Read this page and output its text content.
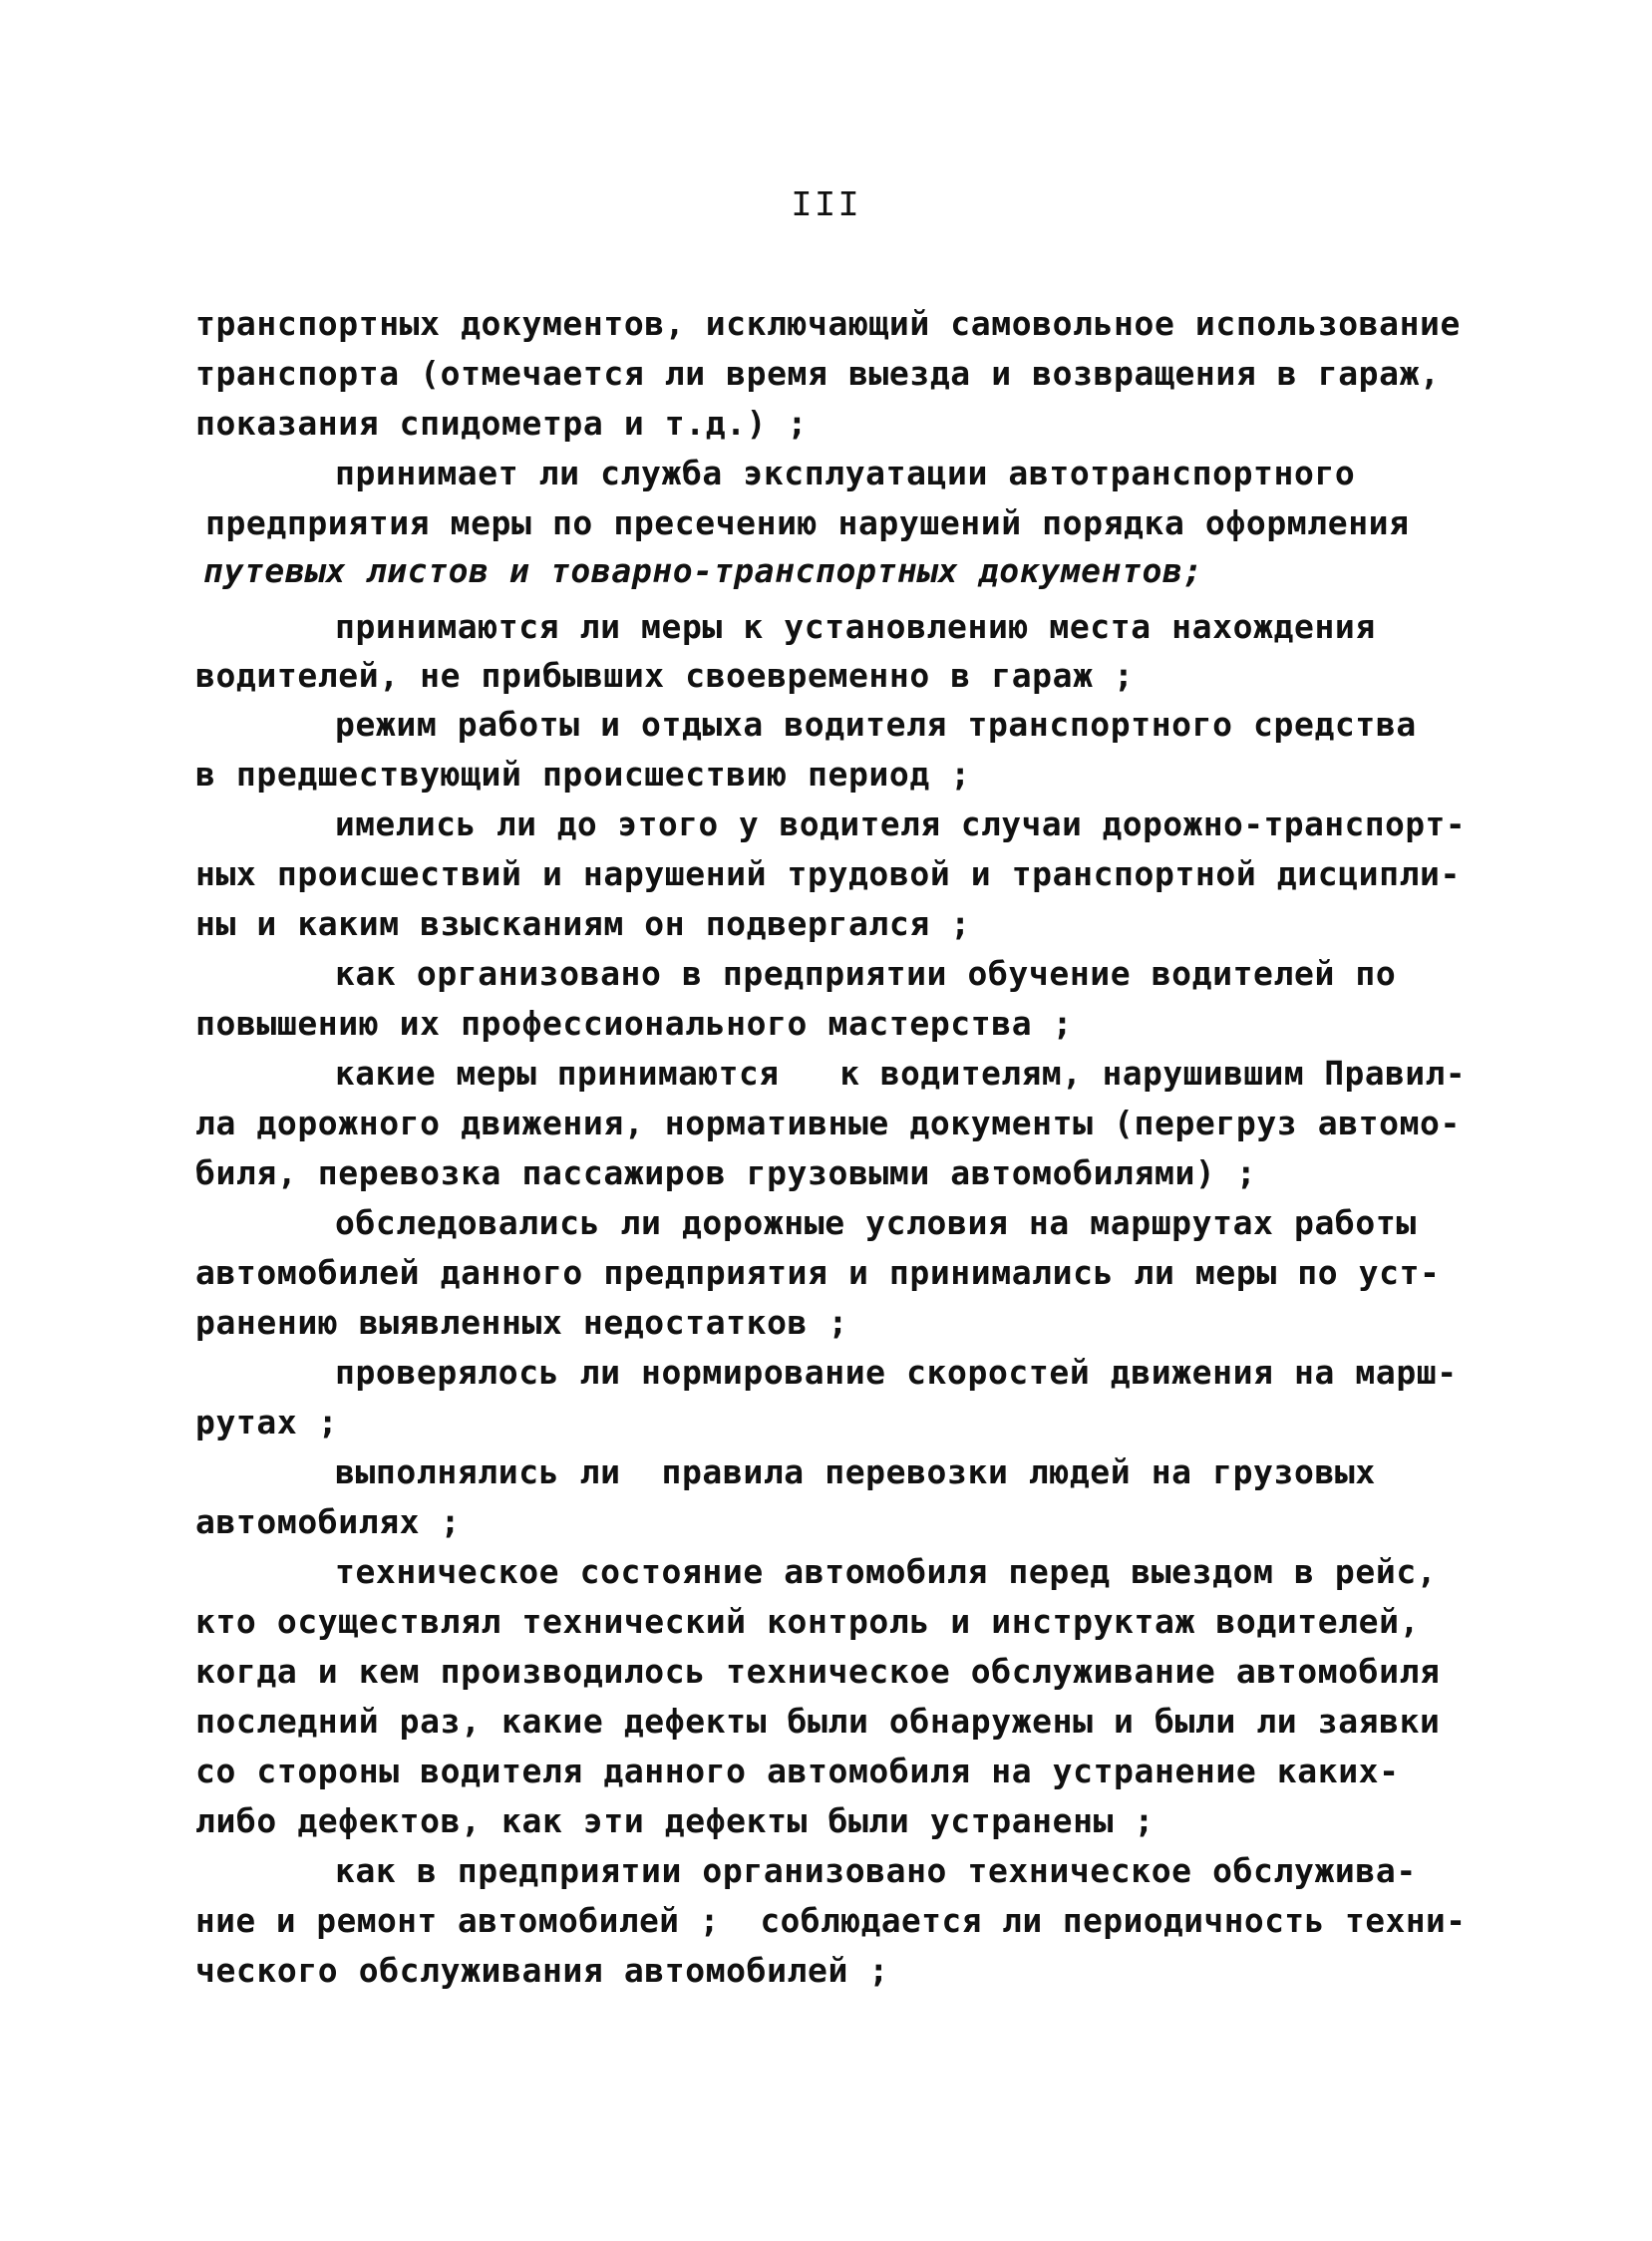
III
транспортных документов, исключающий самовольное использование
транспорта (отмечается ли время выезда и возвращения в гараж,
показания спидометра и т.д.) ;
принимает ли служба эксплуатации автотранспортного
предприятия меры по пресечению нарушений порядка оформления
путевых листов и товарно-транспортных документов;
принимаются ли меры к установлению места нахождения
водителей, не прибывших своевременно в гараж ;
режим работы и отдыха водителя транспортного средства
в предшествующий происшествию период ;
имелись ли до этого у водителя случаи дорожно-транспорт-
ных происшествий и нарушений трудовой и транспортной дисципли-
ны и каким взысканиям он подвергался ;
как организовано в предприятии обучение водителей по
повышению их профессионального мастерства ;
какие меры принимаются   к водителям, нарушившим Правил-
ла дорожного движения, нормативные документы (перегруз автомо-
биля, перевозка пассажиров грузовыми автомобилями) ;
обследовались ли дорожные условия на маршрутах работы
автомобилей данного предприятия и принимались ли меры по уст-
ранению выявленных недостатков ;
проверялось ли нормирование скоростей движения на марш-
рутах ;
выполнялись ли  правила перевозки людей на грузовых
автомобилях ;
техническое состояние автомобиля перед выездом в рейс,
кто осуществлял технический контроль и инструктаж водителей,
когда и кем производилось техническое обслуживание автомобиля
последний раз, какие дефекты были обнаружены и были ли заявки
со стороны водителя данного автомобиля на устранение каких-
либо дефектов, как эти дефекты были устранены ;
как в предприятии организовано техническое обслужива-
ние и ремонт автомобилей ;  соблюдается ли периодичность техни-
ческого обслуживания автомобилей ;
